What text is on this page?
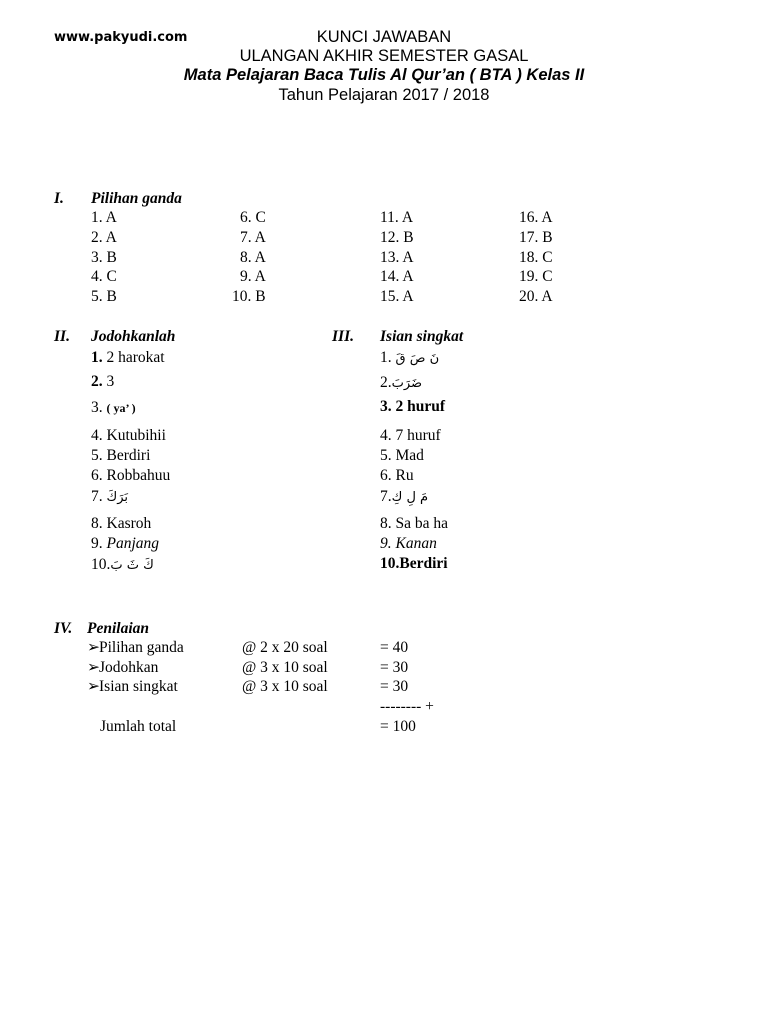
www.pakyudi.com	KUNCI JAWABAN
ULANGAN AKHIR SEMESTER GASAL
Mata Pelajaran Baca Tulis Al Qur’an ( BTA ) Kelas II
Tahun Pelajaran 2017 / 2018
I. Pilihan ganda
1. A
2. A
3. B
4. C
5. B
6. C
7. A
8. A
9. A
10. B
11. A
12. B
13. A
14. A
15. A
16. A
17. B
18. C
19. C
20. A
II. Jodohkanlah
1. 2 harokat
2. 3
3. ( ya’ )
4. Kutubihii
5. Berdiri
6. Robbahuu
7. بَرَكَ
8. Kasroh
9. Panjang
10.كَ ثَ بَ
III. Isian singkat
1. نَ صَ قَ
2.ضَرَبَ
3. 2 huruf
4. 7 huruf
5. Mad
6. Ru
7.مَ لِ كِ
8. Sa ba ha
9. Kanan
10.Berdiri
IV. Penilaian
➢Pilihan ganda	@ 2 x 20 soal	= 40
➢Jodohkan	@ 3 x 10 soal	= 30
➢Isian singkat	@ 3 x 10 soal	= 30
-------- +
Jumlah total	= 100
